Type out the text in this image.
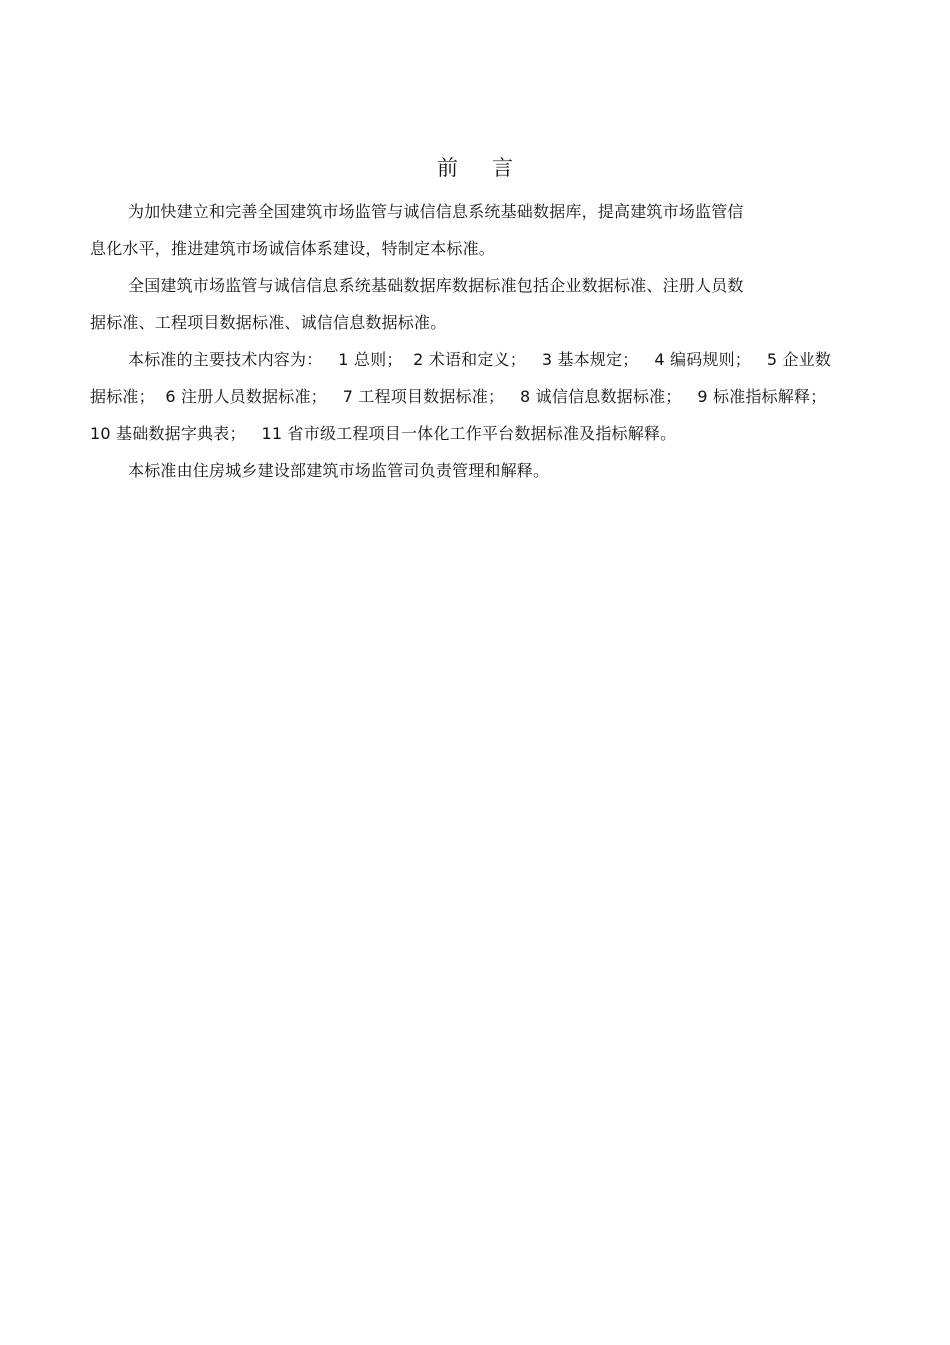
前 言
为加快建立和完善全国建筑市场监管与诚信信息系统基础数据库，提高建筑市场监管信
息化水平，推进建筑市场诚信体系建设，特制定本标准。
全国建筑市场监管与诚信信息系统基础数据库数据标准包括企业数据标准、注册人员数
据标准、工程项目数据标准、诚信信息数据标准。
本标准的主要技术内容为：   1 总则；  2 术语和定义；   3 基本规定；   4 编码规则；   5 企业数
据标准；  6 注册人员数据标准；   7 工程项目数据标准；   8 诚信信息数据标准；   9 标准指标解释；
10 基础数据字典表；   11 省市级工程项目一体化工作平台数据标准及指标解释。
本标准由住房城乡建设部建筑市场监管司负责管理和解释。
